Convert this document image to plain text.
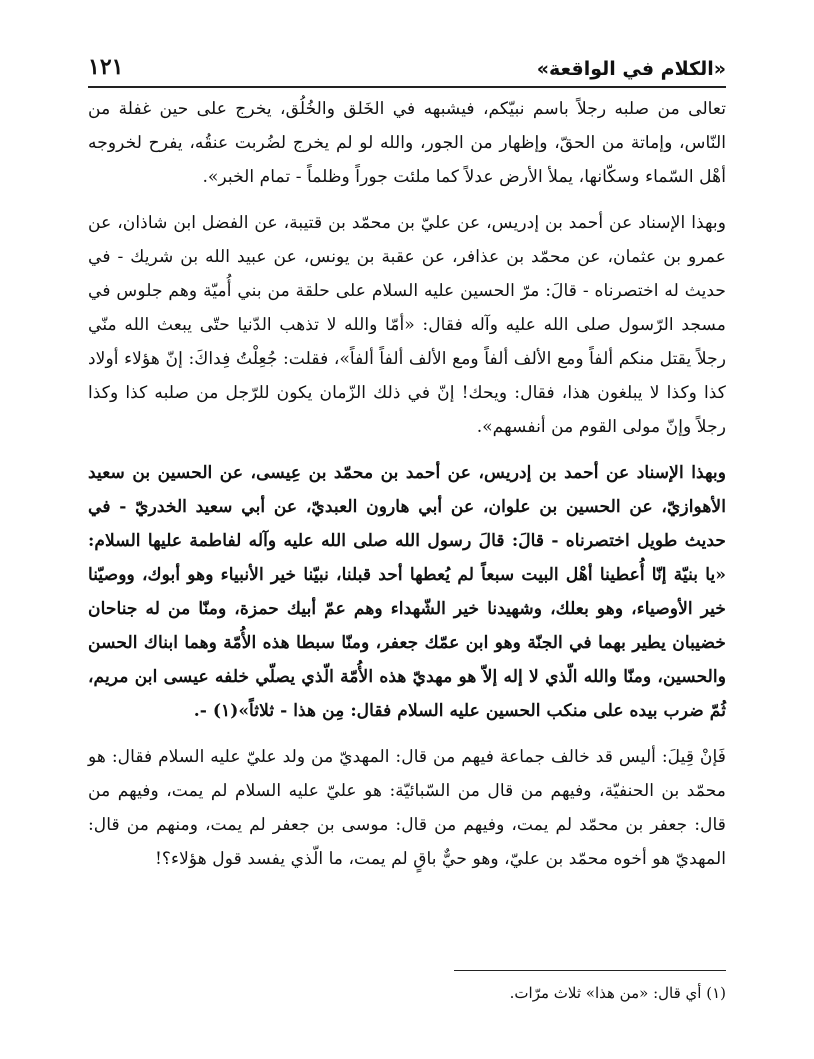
«الكلام في الواقعة»
١٢١

تعالى من صلبه رجلاً باسم نبيّكم، فيشبهه في الخَلق والخُلُق، يخرج على حين غفلة من النّاس، وإماتة من الحقّ، وإظهار من الجور، والله لو لم يخرج لضُربت عنقُه، يفرح لخروجه أهْل السّماء وسكّانها، يملأ الأرض عدلاً كما ملئت جوراً وظلماً - تمام الخبر».

وبهذا الإسناد عن أحمد بن إدريس، عن عليّ بن محمّد بن قتيبة، عن الفضل ابن شاذان، عن عمرو بن عثمان، عن محمّد بن عذافر، عن عقبة بن يونس، عن عبيد الله بن شريك - في حديث له اختصرناه - قالَ: مرّ الحسين عليه السلام على حلقة من بني أُميّة وهم جلوس في مسجد الرّسول صلى الله عليه وآله فقال: «أمّا والله لا تذهب الدّنيا حتّى يبعث الله منّي رجلاً يقتل منكم ألفاً ومع الألف ألفاً ومع الألف ألفاً ألفاً»، فقلت: جُعِلْتُ فِداكَ: إنّ هؤلاء أولاد كذا وكذا لا يبلغون هذا، فقال: ويحك! إنّ في ذلك الزّمان يكون للرّجل من صلبه كذا وكذا رجلاً وإنّ مولى القوم من أنفسهم».

وبهذا الإسناد عن أحمد بن إدريس، عن أحمد بن محمّد بن عِيسى، عن الحسين بن سعيد الأهوازيّ، عن الحسين بن علوان، عن أبي هارون العبديّ، عن أبي سعيد الخدريّ - في حديث طويل اختصرناه - قالَ: قالَ رسول الله صلى الله عليه وآله لفاطمة عليها السلام: «يا بنيّة إنّا أُعطينا أهْل البيت سبعاً لم يُعطها أحد قبلنا، نبيّنا خير الأنبياء وهو أبوك، ووصيّنا خير الأوصياء، وهو بعلك، وشهيدنا خير الشّهداء وهم عمّ أبيك حمزة، ومنّا من له جناحان خضيبان يطير بهما في الجنّة وهو ابن عمّك جعفر، ومنّا سبطا هذه الأُمّة وهما ابناك الحسن والحسين، ومنّا والله الّذي لا إله إلاّ هو مهديّ هذه الأُمّة الّذي يصلّي خلفه عيسى ابن مريم، ثُمّ ضرب بيده على منكب الحسين عليه السلام فقال: مِن هذا - ثلاثاً»(١) -.

فَإنْ قِيلَ: أليس قد خالف جماعة فيهم من قال: المهديّ من ولد عليّ عليه السلام فقال: هو محمّد بن الحنفيّة، وفيهم من قال من السّبائيّة: هو عليّ عليه السلام لم يمت، وفيهم من قال: جعفر بن محمّد لم يمت، وفيهم من قال: موسى بن جعفر لم يمت، ومنهم من قال: المهديّ هو أخوه محمّد بن عليّ، وهو حيٌّ باقٍ لم يمت، ما الّذي يفسد قول هؤلاء؟!

(١) أي قال: «من هذا» ثلاث مرّات.
